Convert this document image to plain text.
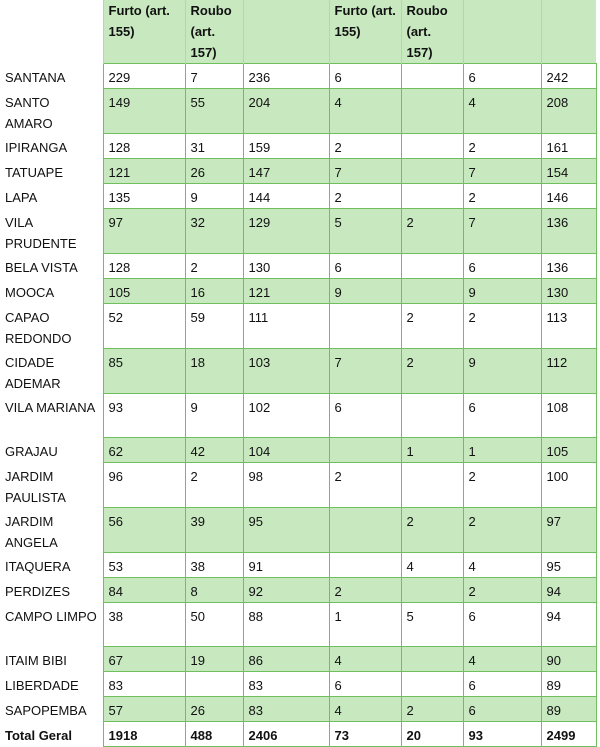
	Furto (art. 155)	Roubo (art. 157)		Furto (art. 155)	Roubo (art. 157)		
SANTANA	229	7	236	6		6	242
SANTO AMARO	149	55	204	4		4	208
IPIRANGA	128	31	159	2		2	161
TATUAPE	121	26	147	7		7	154
LAPA	135	9	144	2		2	146
VILA PRUDENTE	97	32	129	5	2	7	136
BELA VISTA	128	2	130	6		6	136
MOOCA	105	16	121	9		9	130
CAPAO REDONDO	52	59	111		2	2	113
CIDADE ADEMAR	85	18	103	7	2	9	112
VILA MARIANA	93	9	102	6		6	108
GRAJAU	62	42	104		1	1	105
JARDIM PAULISTA	96	2	98	2		2	100
JARDIM ANGELA	56	39	95		2	2	97
ITAQUERA	53	38	91		4	4	95
PERDIZES	84	8	92	2		2	94
CAMPO LIMPO	38	50	88	1	5	6	94
ITAIM BIBI	67	19	86	4		4	90
LIBERDADE	83		83	6		6	89
SAPOPEMBA	57	26	83	4	2	6	89
Total Geral	1918	488	2406	73	20	93	2499
